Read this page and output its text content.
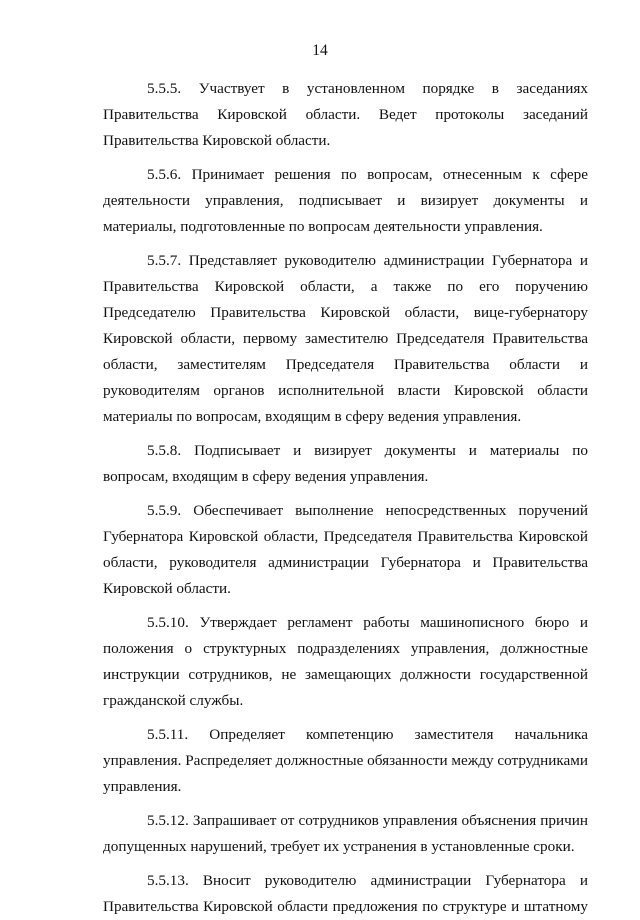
14

5.5.5. Участвует в установленном порядке в заседаниях Правительства Кировской области. Ведет протоколы заседаний Правительства Кировской области.

5.5.6. Принимает решения по вопросам, отнесенным к сфере деятельности управления, подписывает и визирует документы и материалы, подготовленные по вопросам деятельности управления.

5.5.7. Представляет руководителю администрации Губернатора и Правительства Кировской области, а также по его поручению Председателю Правительства Кировской области, вице-губернатору Кировской области, первому заместителю Председателя Правительства области, заместителям Председателя Правительства области и руководителям органов исполнительной власти Кировской области материалы по вопросам, входящим в сферу ведения управления.

5.5.8. Подписывает и визирует документы и материалы по вопросам, входящим в сферу ведения управления.

5.5.9. Обеспечивает выполнение непосредственных поручений Губернатора Кировской области, Председателя Правительства Кировской области, руководителя администрации Губернатора и Правительства Кировской области.

5.5.10. Утверждает регламент работы машинописного бюро и положения о структурных подразделениях управления, должностные инструкции сотрудников, не замещающих должности государственной гражданской службы.

5.5.11. Определяет компетенцию заместителя начальника управления. Распределяет должностные обязанности между сотрудниками управления.

5.5.12. Запрашивает от сотрудников управления объяснения причин допущенных нарушений, требует их устранения в установленные сроки.

5.5.13. Вносит руководителю администрации Губернатора и Правительства Кировской области предложения по структуре и штатному
